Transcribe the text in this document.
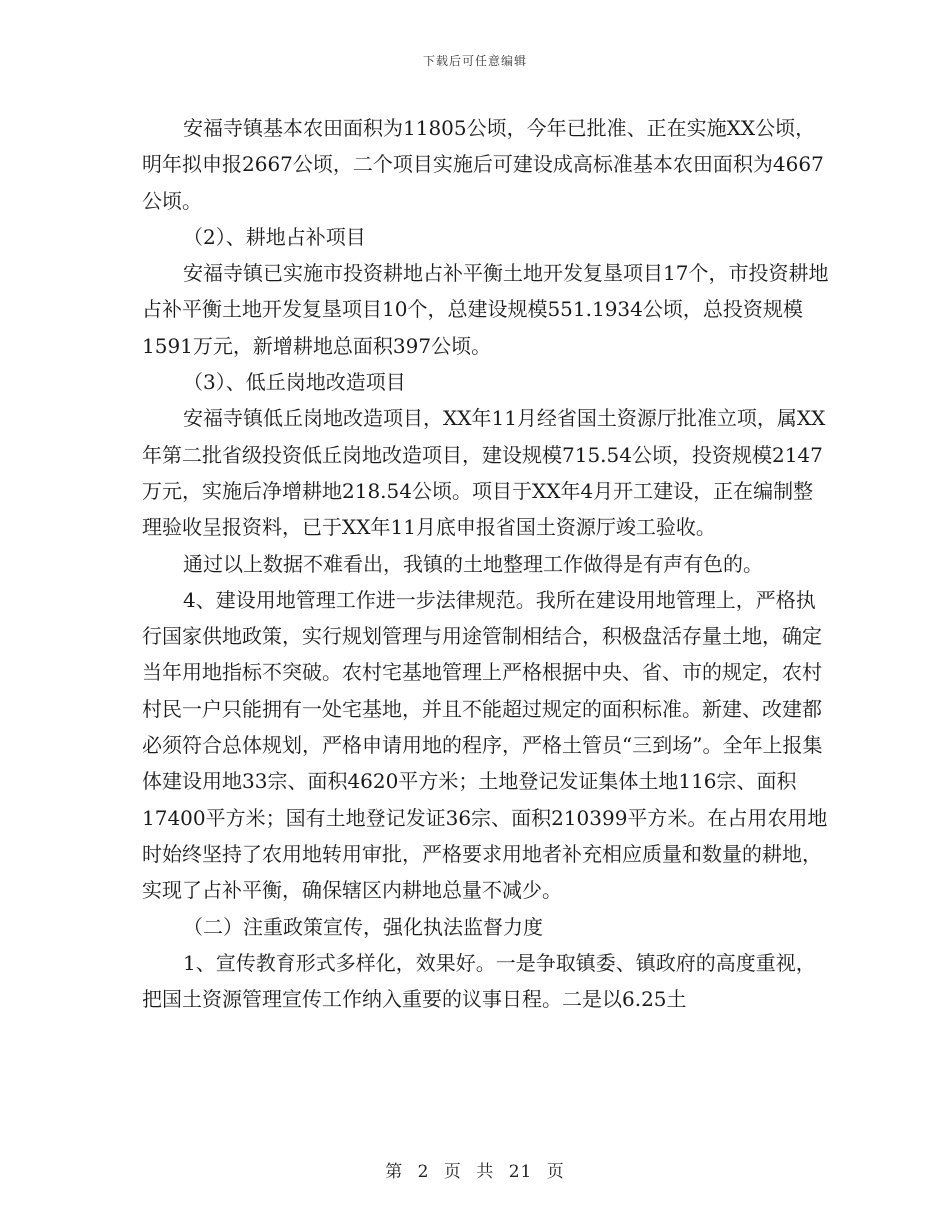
下载后可任意编辑

安福寺镇基本农田面积为11805公顷，今年已批准、正在实施XX公顷，明年拟申报2667公顷，二个项目实施后可建设成高标准基本农田面积为4667公顷。

（2）、耕地占补项目

安福寺镇已实施市投资耕地占补平衡土地开发复垦项目17个，市投资耕地占补平衡土地开发复垦项目10个，总建设规模551.1934公顷，总投资规模1591万元，新增耕地总面积397公顷。

（3）、低丘岗地改造项目

安福寺镇低丘岗地改造项目，XX年11月经省国土资源厅批准立项，属XX年第二批省级投资低丘岗地改造项目，建设规模715.54公顷，投资规模2147万元，实施后净增耕地218.54公顷。项目于XX年4月开工建设，正在编制整理验收呈报资料，已于XX年11月底申报省国土资源厅竣工验收。

通过以上数据不难看出，我镇的土地整理工作做得是有声有色的。

4、建设用地管理工作进一步法律规范。我所在建设用地管理上，严格执行国家供地政策，实行规划管理与用途管制相结合，积极盘活存量土地，确定当年用地指标不突破。农村宅基地管理上严格根据中央、省、市的规定，农村村民一户只能拥有一处宅基地，并且不能超过规定的面积标准。新建、改建都必须符合总体规划，严格申请用地的程序，严格土管员“三到场”。全年上报集体建设用地33宗、面积4620平方米；土地登记发证集体土地116宗、面积17400平方米；国有土地登记发证36宗、面积210399平方米。在占用农用地时始终坚持了农用地转用审批，严格要求用地者补充相应质量和数量的耕地，实现了占补平衡，确保辖区内耕地总量不减少。

（二）注重政策宣传，强化执法监督力度

1、宣传教育形式多样化，效果好。一是争取镇委、镇政府的高度重视，把国土资源管理宣传工作纳入重要的议事日程。二是以6.25土

第 2 页 共 21 页
